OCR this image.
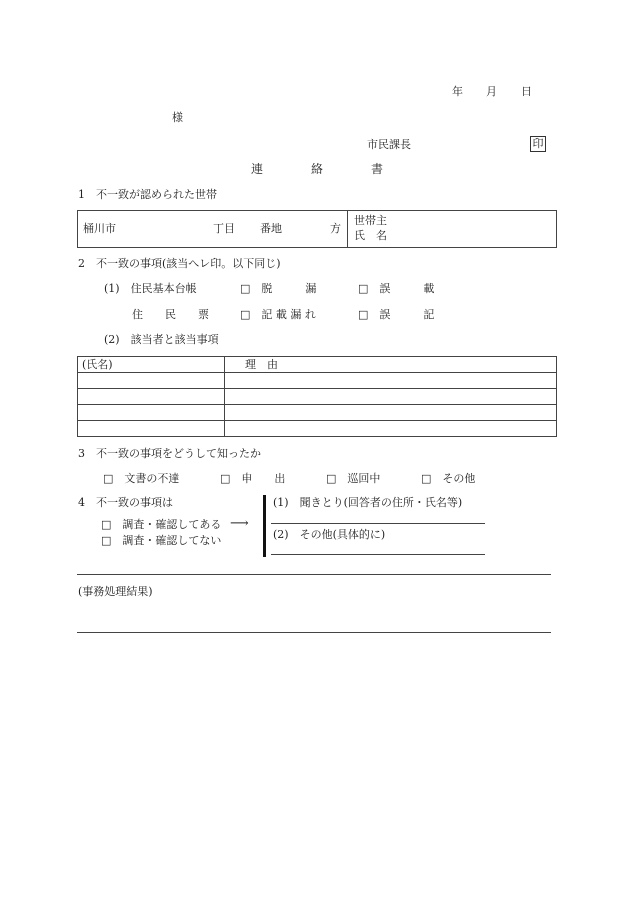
年 月 日
様
市民課長	印
連　　　　絡　　　　書
1　不一致が認められた世帯
桶川市	丁目 番地	方
世帯主
氏　名
2　不一致の事項(該当へレ印。以下同じ)
(1)　住民基本台帳	□　脱　　　漏	□　誤　　　載
住　　民　　票	□　記 載 漏 れ	□　誤　　　記
(2)　該当者と該当事項
(氏名)	理　由

3　不一致の事項をどうして知ったか
□　文書の不達	□　申　　出	□　巡回中	□　その他
4　不一致の事項は
□　調査・確認してある ⟶
□　調査・確認してない
(1)　聞きとり(回答者の住所・氏名等)
(2)　その他(具体的に)
(事務処理結果)
